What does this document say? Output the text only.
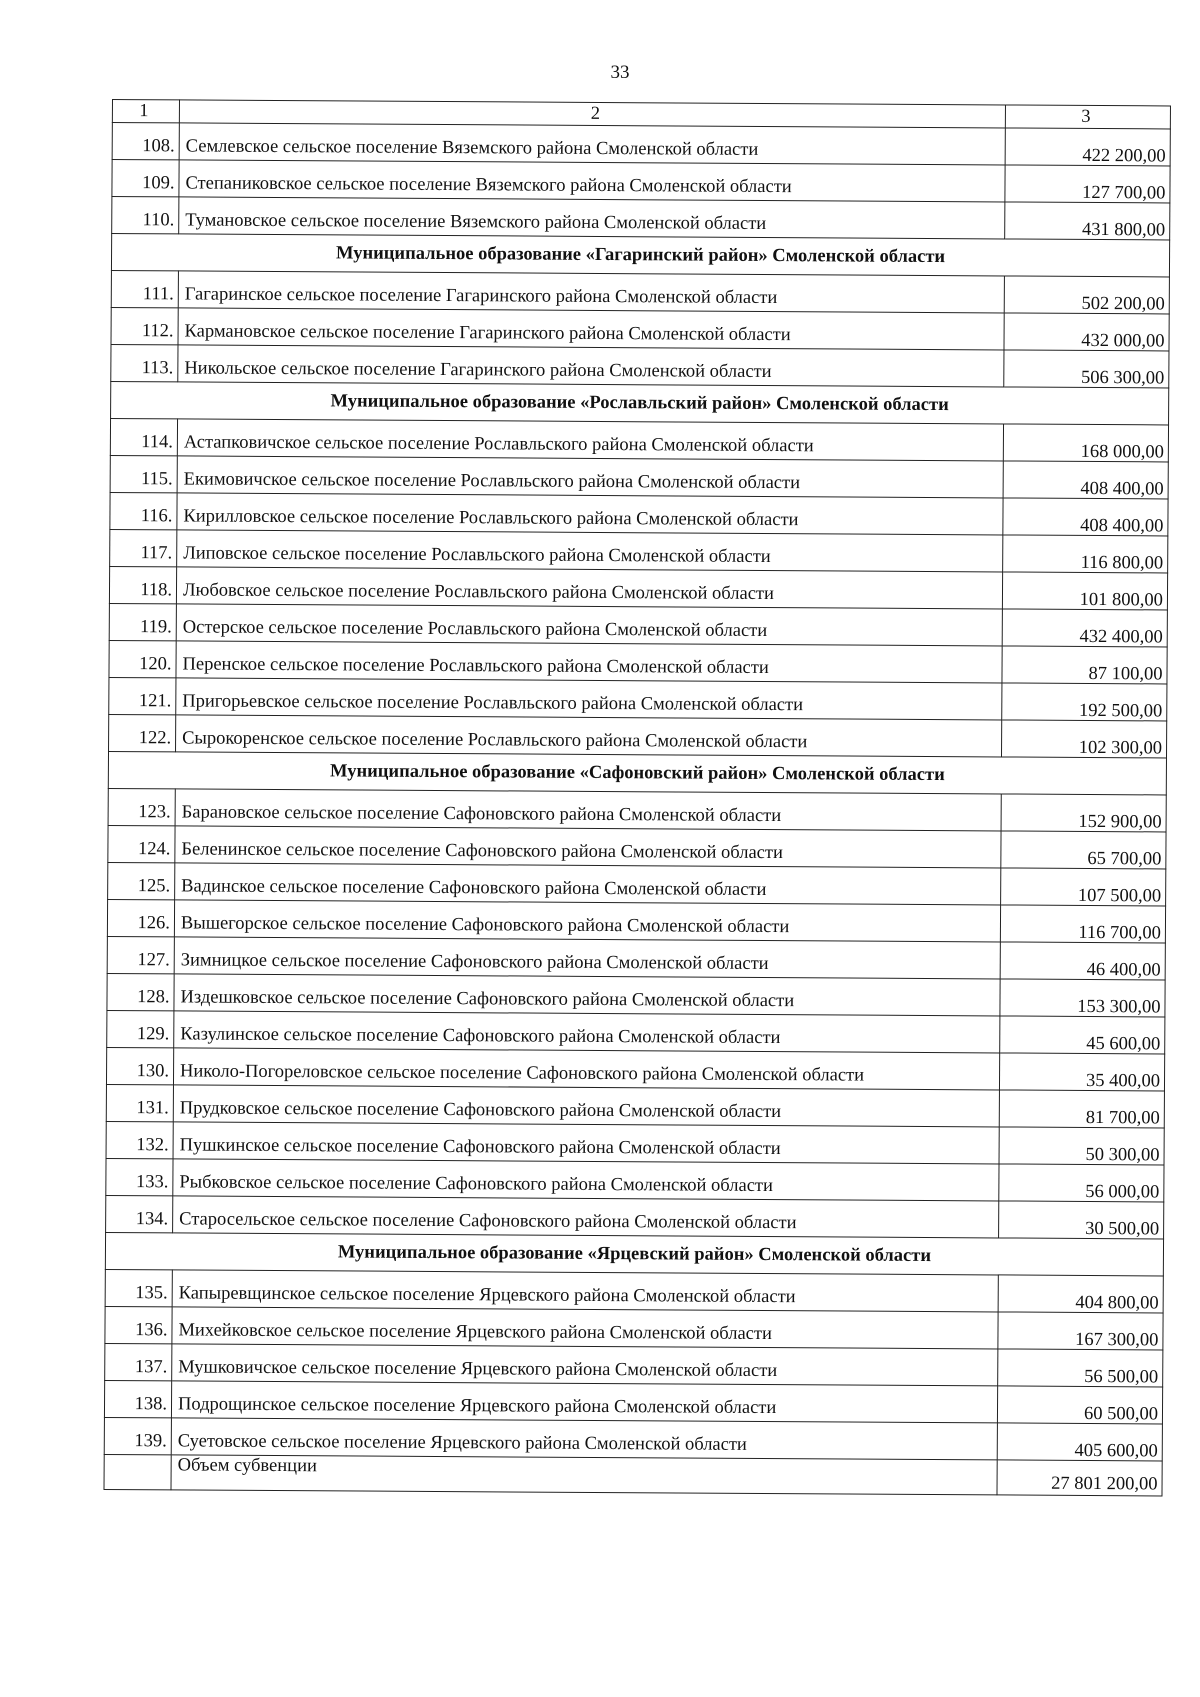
33
1	2	3
108.	Семлевское сельское поселение Вяземского района Смоленской области	422 200,00
109.	Степаниковское сельское поселение Вяземского района Смоленской области	127 700,00
110.	Тумановское сельское поселение Вяземского района Смоленской области	431 800,00
Муниципальное образование «Гагаринский район» Смоленской области		
111.	Гагаринское сельское поселение Гагаринского района Смоленской области	502 200,00
112.	Кармановское сельское поселение Гагаринского района Смоленской области	432 000,00
113.	Никольское сельское поселение Гагаринского района Смоленской области	506 300,00
Муниципальное образование «Рославльский район» Смоленской области		
114.	Астапковичское сельское поселение Рославльского района Смоленской области	168 000,00
115.	Екимовичское сельское поселение Рославльского района Смоленской области	408 400,00
116.	Кирилловское сельское поселение Рославльского района Смоленской области	408 400,00
117.	Липовское сельское поселение Рославльского района Смоленской области	116 800,00
118.	Любовское сельское поселение Рославльского района Смоленской области	101 800,00
119.	Остерское сельское поселение Рославльского района Смоленской области	432 400,00
120.	Перенское сельское поселение Рославльского района Смоленской области	87 100,00
121.	Пригорьевское сельское поселение Рославльского района Смоленской области	192 500,00
122.	Сырокоренское сельское поселение Рославльского района Смоленской области	102 300,00
Муниципальное образование «Сафоновский район» Смоленской области		
123.	Барановское сельское поселение Сафоновского района Смоленской области	152 900,00
124.	Беленинское сельское поселение Сафоновского района Смоленской области	65 700,00
125.	Вадинское сельское поселение Сафоновского района Смоленской области	107 500,00
126.	Вышегорское сельское поселение Сафоновского района Смоленской области	116 700,00
127.	Зимницкое сельское поселение Сафоновского района Смоленской области	46 400,00
128.	Издешковское сельское поселение Сафоновского района Смоленской области	153 300,00
129.	Казулинское сельское поселение Сафоновского района Смоленской области	45 600,00
130.	Николо-Погореловское сельское поселение Сафоновского района Смоленской области	35 400,00
131.	Прудковское сельское поселение Сафоновского района Смоленской области	81 700,00
132.	Пушкинское сельское поселение Сафоновского района Смоленской области	50 300,00
133.	Рыбковское сельское поселение Сафоновского района Смоленской области	56 000,00
134.	Старосельское сельское поселение Сафоновского района Смоленской области	30 500,00
Муниципальное образование «Ярцевский район» Смоленской области		
135.	Капыревщинское сельское поселение Ярцевского района Смоленской области	404 800,00
136.	Михейковское сельское поселение Ярцевского района Смоленской области	167 300,00
137.	Мушковичское сельское поселение Ярцевского района Смоленской области	56 500,00
138.	Подрощинское сельское поселение Ярцевского района Смоленской области	60 500,00
139.	Суетовское сельское поселение Ярцевского района Смоленской области	405 600,00
	Объем субвенции	27 801 200,00
